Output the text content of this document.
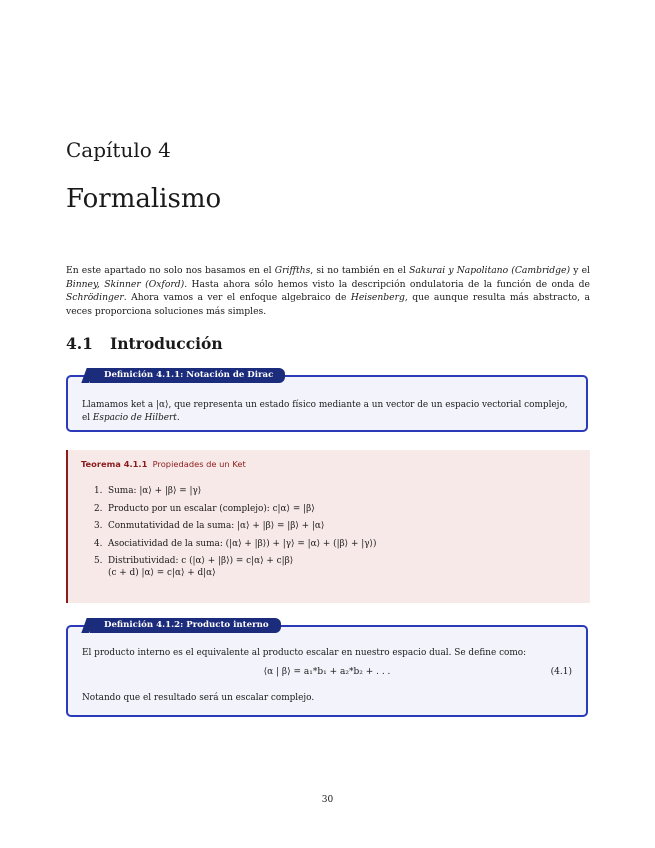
Capítulo 4
Formalismo
En este apartado no solo nos basamos en el Griffths, si no también en el Sakurai y Napolitano (Cambridge) y el Binney, Skinner (Oxford). Hasta ahora sólo hemos visto la descripción ondulatoria de la función de onda de Schrödinger. Ahora vamos a ver el enfoque algebraico de Heisenberg, que aunque resulta más abstracto, a veces proporciona soluciones más simples.
4.1 Introducción
Definición 4.1.1: Notación de Dirac
Llamamos ket a |α⟩, que representa un estado físico mediante a un vector de un espacio vectorial complejo, el Espacio de Hilbert.
Teorema 4.1.1 Propiedades de un Ket
1. Suma: |α⟩ + |β⟩ = |γ⟩
2. Producto por un escalar (complejo): c|α⟩ = |β⟩
3. Conmutatividad de la suma: |α⟩ + |β⟩ = |β⟩ + |α⟩
4. Asociatividad de la suma: (|α⟩ + |β⟩) + |γ⟩ = |α⟩ + (|β⟩ + |γ⟩)
5. Distributividad: c (|α⟩ + |β⟩) = c|α⟩ + c|β⟩
(c + d) |α⟩ = c|α⟩ + d|α⟩
Definición 4.1.2: Producto interno
El producto interno es el equivalente al producto escalar en nuestro espacio dual. Se define como:
⟨α | β⟩ = a₁*b₁ + a₂*b₂ + . . .	(4.1)
Notando que el resultado será un escalar complejo.
30
